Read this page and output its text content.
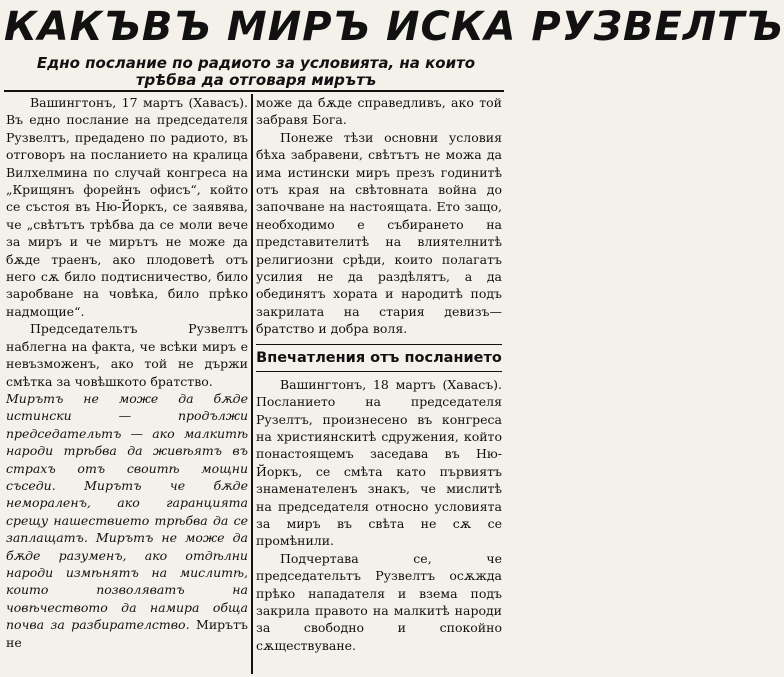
КАКЪВЪ МИРЪ ИСКА РУЗВЕЛТЪ
Едно послание по радиото за условията, на които трѣбва да отговаря мирътъ

Вашингтонъ, 17 мартъ (Хавасъ). Въ едно послание на председателя Рузвелтъ, предадено по радиото, въ отговоръ на посланието на кралица Вилхелмина по случай конгреса на „Крищянъ форейнъ офисъ“, който се състоя въ Ню-Йоркъ, се заявява, че „свѣтътъ трѣбва да се моли вече за миръ и че мирътъ не може да бѫде траенъ, ако плодоветѣ отъ него сѫ било подтисничество, било заробване на човѣка, било прѣко надмощие“.

Председательтъ Рузвелтъ наблегна на факта, че всѣки миръ е невъзможенъ, ако той не държи смѣтка за човѣшкото братство.

Мирътъ не може да бѫде истински — продължи председательтъ — ако малкитѣ народи трѣбва да живѣятъ въ страхъ отъ своитѣ мощни съседи. Мирътъ че бѫде немораленъ, ако гаранцията срещу нашествието трѣбва да се заплащатъ. Мирътъ не може да бѫде разуменъ, ако отдѣлни народи измѣнятъ на мислитѣ, които позволяватъ на човѣчеството да намира обща почва за разбирателство. Мирътъ не

може да бѫде справедливъ, ако той забравя Бога.

Понеже тѣзи основни условия бѣха забравени, свѣтътъ не можа да има истински миръ презъ годинитѣ отъ края на свѣтовната война до започване на настоящата. Ето защо, необходимо е събирането на представителитѣ на влиятелнитѣ религиозни срѣди, които полагатъ усилия не да раздѣлятъ, а да обединятъ хората и народитѣ подъ закрилата на стария девизъ—братство и добра воля.

Впечатления отъ посланието

Вашингтонъ, 18 мартъ (Хавасъ). Посланието на председателя Рузелтъ, произнесено въ конгреса на християнскитѣ сдружения, който понастоящемъ заседава въ Ню-Йоркъ, се смѣта като първиятъ знаменателенъ знакъ, че мислитѣ на председателя относно условията за миръ въ свѣта не сѫ се промѣнили.

Подчертава се, че председательтъ Рузвелтъ осѫжда прѣко нападателя и взема подъ закрила правото на малкитѣ народи за свободно и спокойно сѫществуване.
